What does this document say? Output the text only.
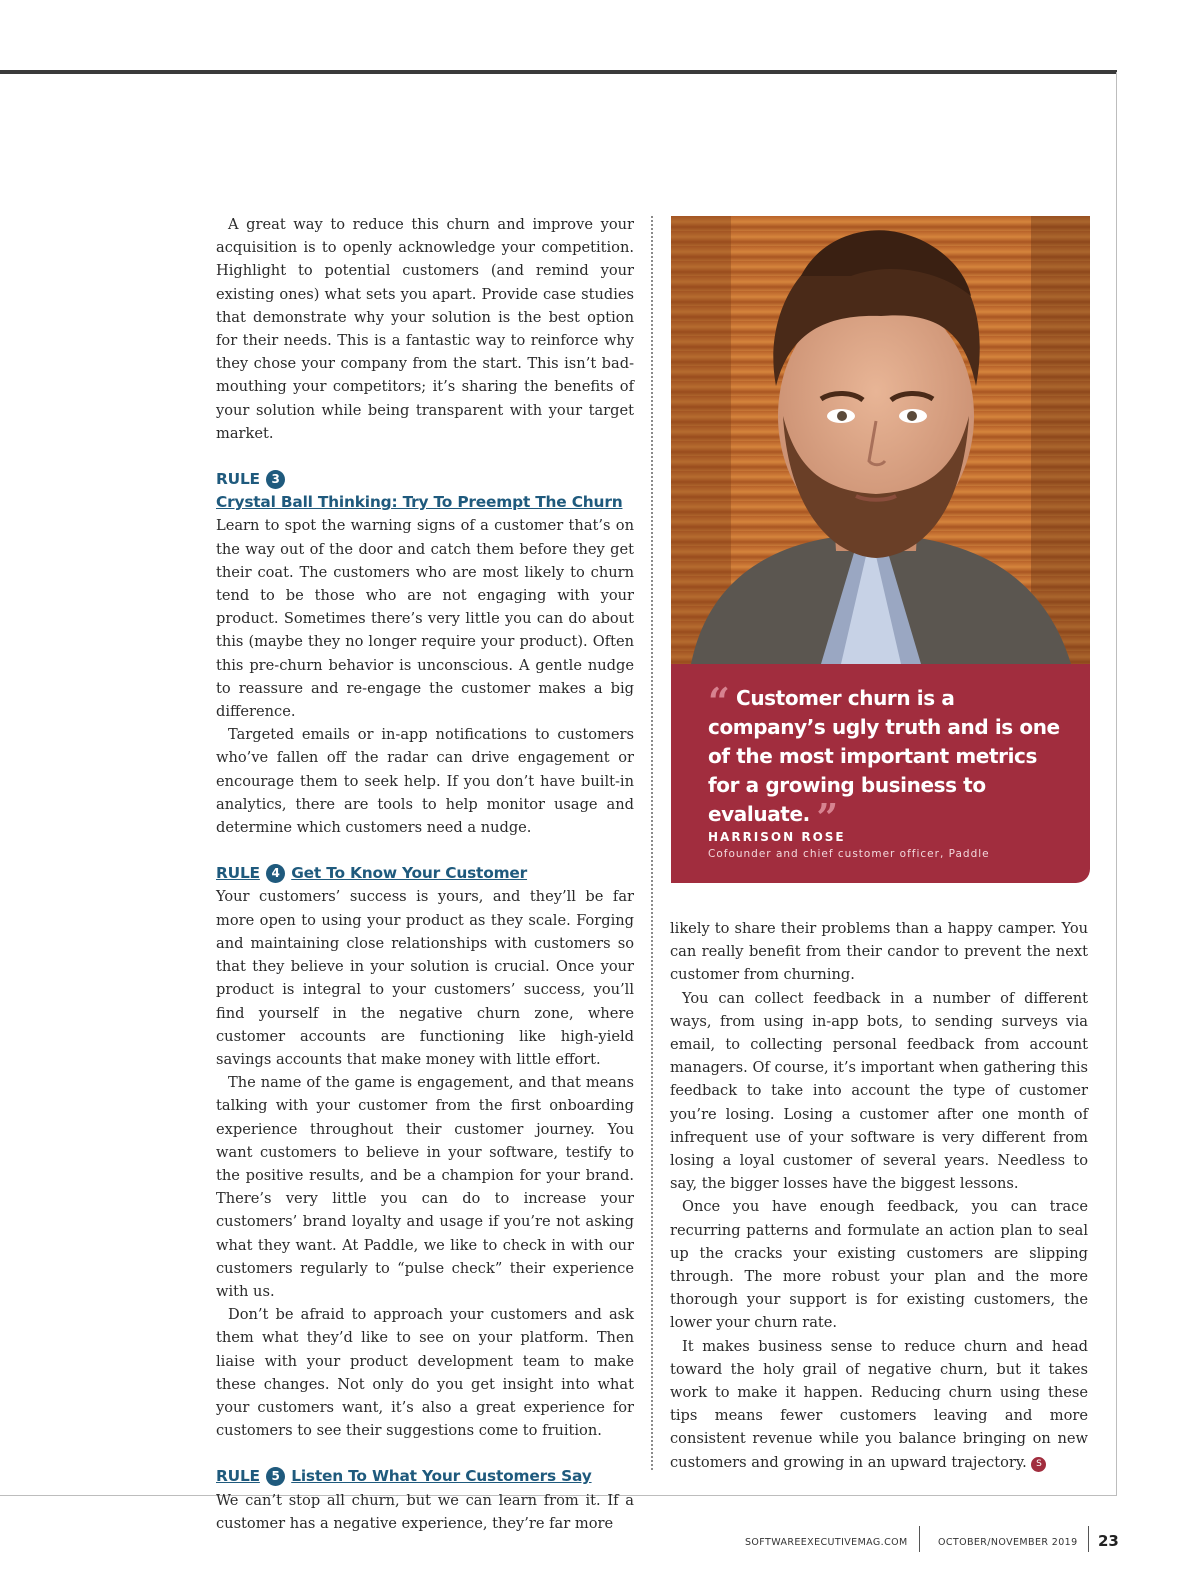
A great way to reduce this churn and improve your acquisition is to openly acknowledge your competition. Highlight to potential customers (and remind your existing ones) what sets you apart. Provide case studies that demonstrate why your solution is the best option for their needs. This is a fantastic way to reinforce why they chose your company from the start. This isn’t bad-mouthing your competitors; it’s sharing the benefits of your solution while being transparent with your target market.

RULE 3
Crystal Ball Thinking: Try To Preempt The Churn

Learn to spot the warning signs of a customer that’s on the way out of the door and catch them before they get their coat. The customers who are most likely to churn tend to be those who are not engaging with your product. Sometimes there’s very little you can do about this (maybe they no longer require your product). Often this pre-churn behavior is unconscious. A gentle nudge to reassure and re-engage the customer makes a big difference.

Targeted emails or in-app notifications to customers who’ve fallen off the radar can drive engagement or encourage them to seek help. If you don’t have built-in analytics, there are tools to help monitor usage and determine which customers need a nudge.

RULE 4 Get To Know Your Customer

Your customers’ success is yours, and they’ll be far more open to using your product as they scale. Forging and maintaining close relationships with customers so that they believe in your solution is crucial. Once your product is integral to your customers’ success, you’ll find yourself in the negative churn zone, where customer accounts are functioning like high-yield savings accounts that make money with little effort.

The name of the game is engagement, and that means talking with your customer from the first onboarding experience throughout their customer journey. You want customers to believe in your software, testify to the positive results, and be a champion for your brand. There’s very little you can do to increase your customers’ brand loyalty and usage if you’re not asking what they want. At Paddle, we like to check in with our customers regularly to “pulse check” their experience with us.

Don’t be afraid to approach your customers and ask them what they’d like to see on your platform. Then liaise with your product development team to make these changes. Not only do you get insight into what your customers want, it’s also a great experience for customers to see their suggestions come to fruition.

RULE 5 Listen To What Your Customers Say

We can’t stop all churn, but we can learn from it. If a customer has a negative experience, they’re far more

“ Customer churn is a company’s ugly truth and is one of the most important metrics for a growing business to evaluate. ”
HARRISON ROSE
Cofounder and chief customer officer, Paddle

likely to share their problems than a happy camper. You can really benefit from their candor to prevent the next customer from churning.

You can collect feedback in a number of different ways, from using in-app bots, to sending surveys via email, to collecting personal feedback from account managers. Of course, it’s important when gathering this feedback to take into account the type of customer you’re losing. Losing a customer after one month of infrequent use of your software is very different from losing a loyal customer of several years. Needless to say, the bigger losses have the biggest lessons.

Once you have enough feedback, you can trace recurring patterns and formulate an action plan to seal up the cracks your existing customers are slipping through. The more robust your plan and the more thorough your support is for existing customers, the lower your churn rate.

It makes business sense to reduce churn and head toward the holy grail of negative churn, but it takes work to make it happen. Reducing churn using these tips means fewer customers leaving and more consistent revenue while you balance bringing on new customers and growing in an upward trajectory. S

SOFTWAREEXECUTIVEMAG.COM	OCTOBER/NOVEMBER 2019 23
